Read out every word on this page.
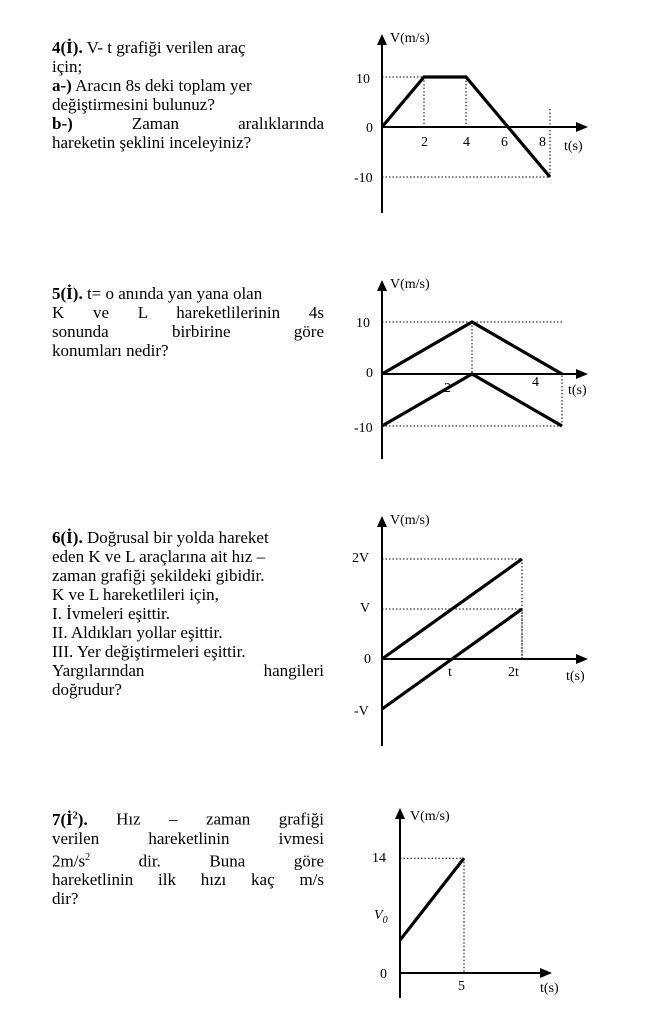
4(İ). V- t grafiği verilen araç
için;
a-) Aracın 8s deki toplam yer
değiştirmesini bulunuz?
b-)	Zaman aralıklarında
hareketin şeklini inceleyiniz?
V(m/s)
t(s)
10
0
-10
2	4 6 8
5(İ). t= o anında yan yana olan
K ve L hareketlilerinin 4s
sonunda birbirine göre
konumları nedir?
V(m/s)
t(s)
10
0
-10
2	4
6(İ). Doğrusal bir yolda hareket
eden K ve L araçlarına ait hız –
zaman grafiği şekildeki gibidir.
K ve L hareketlileri için,
I. İvmeleri eşittir.
II. Aldıkları yollar eşittir.
III. Yer değiştirmeleri eşittir.
Yargılarından hangileri
doğrudur?
V(m/s)
t(s)
2V
V
0
-V
t	2t
$7(İ^2)$. Hız – zaman grafiği
verilen hareketlinin ivmesi
$2m/s^2$ dir. Buna göre
hareketlinin ilk hızı kaç m/s
dir?
V(m/s)
t(s)
14
0
$V_0$
5
